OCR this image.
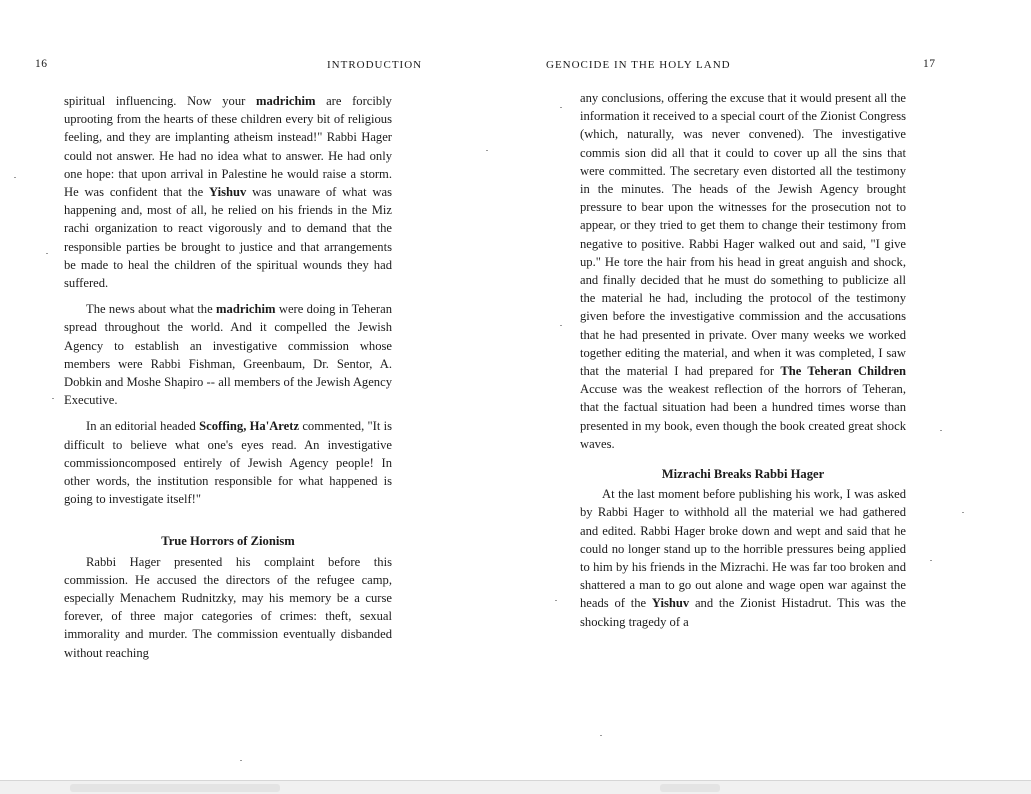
16	INTRODUCTION

spiritual influencing. Now your madrichim are forcibly uprooting from the hearts of these children every bit of religious feeling, and they are implanting atheism instead!" Rabbi Hager could not answer. He had no idea what to answer. He had only one hope: that upon arrival in Palestine he would raise a storm. He was confident that the Yishuv was unaware of what was happening and, most of all, he relied on his friends in the Miz rachi organization to react vigorously and to demand that the responsible parties be brought to justice and that arrangements be made to heal the children of the spiritual wounds they had suffered.

The news about what the madrichim were doing in Teheran spread throughout the world. And it compelled the Jewish Agency to establish an investigative commission whose members were Rabbi Fishman, Greenbaum, Dr. Sentor, A. Dobkin and Moshe Shapiro -- all members of the Jewish Agency Executive.

In an editorial headed Scoffing, Ha'Aretz commented, "It is difficult to believe what one's eyes read. An investigative commissioncomposed entirely of Jewish Agency people! In other words, the institution responsible for what happened is going to investigate itself!"

True Horrors of Zionism

Rabbi Hager presented his complaint before this commission. He accused the directors of the refugee camp, especially Menachem Rudnitzky, may his memory be a curse forever, of three major categories of crimes: theft, sexual immorality and murder. The commission eventually disbanded without reaching

17
GENOCIDE IN THE HOLY LAND

any conclusions, offering the excuse that it would present all the information it received to a special court of the Zionist Congress (which, naturally, was never convened). The investigative commis sion did all that it could to cover up all the sins that were committed. The secretary even distorted all the testimony in the minutes. The heads of the Jewish Agency brought pressure to bear upon the witnesses for the prosecution not to appear, or they tried to get them to change their testimony from negative to positive. Rabbi Hager walked out and said, "I give up." He tore the hair from his head in great anguish and shock, and finally decided that he must do something to publicize all the material he had, including the protocol of the testimony given before the investigative commission and the accusations that he had presented in private. Over many weeks we worked together editing the material, and when it was completed, I saw that the material I had prepared for The Teheran Children Accuse was the weakest reflection of the horrors of Teheran, that the factual situation had been a hundred times worse than presented in my book, even though the book created great shock waves.

Mizrachi Breaks Rabbi Hager

At the last moment before publishing his work, I was asked by Rabbi Hager to withhold all the material we had gathered and edited. Rabbi Hager broke down and wept and said that he could no longer stand up to the horrible pressures being applied to him by his friends in the Mizrachi. He was far too broken and shattered a man to go out alone and wage open war against the heads of the Yishuv and the Zionist Histadrut. This was the shocking tragedy of a
